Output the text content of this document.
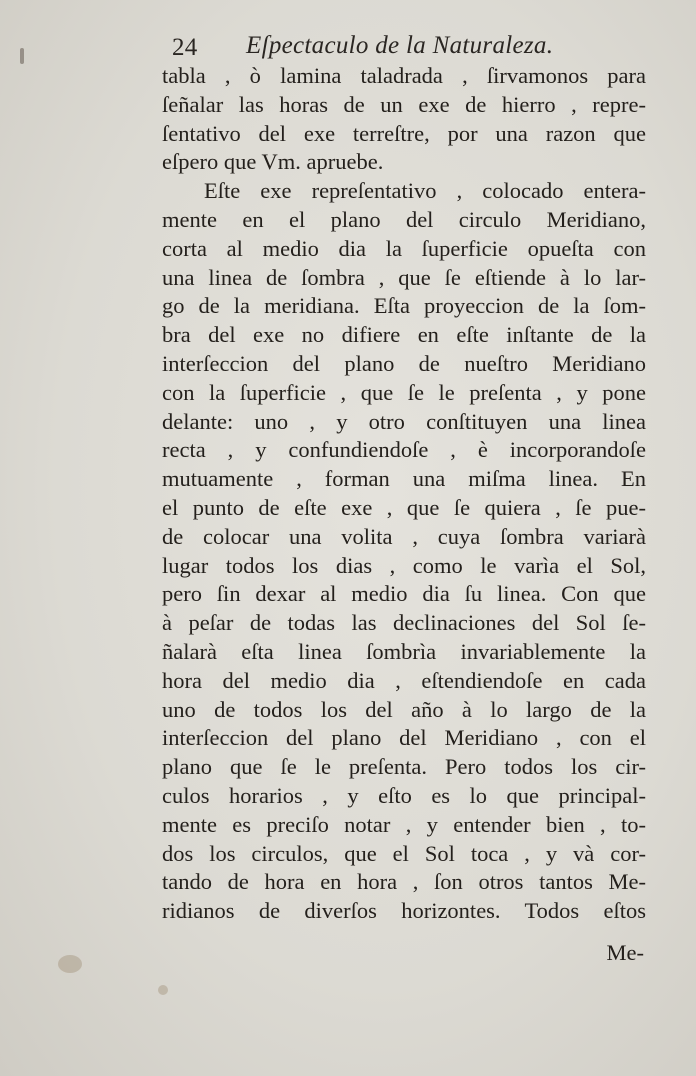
24 Eſpectaculo de la Naturaleza.
tabla , ò lamina taladrada , ſirvamonos para
ſeñalar las horas de un exe de hierro , repre-
ſentativo del exe terreſtre, por una razon que
eſpero que Vm. apruebe.
Eſte exe repreſentativo , colocado entera-
mente en el plano del circulo Meridiano,
corta al medio dia la ſuperficie opueſta con
una linea de ſombra , que ſe eſtiende à lo lar-
go de la meridiana. Eſta proyeccion de la ſom-
bra del exe no difiere en eſte inſtante de la
interſeccion del plano de nueſtro Meridiano
con la ſuperficie , que ſe le preſenta , y pone
delante: uno , y otro conſtituyen una linea
recta , y confundiendoſe , è incorporandoſe
mutuamente , forman una miſma linea. En
el punto de eſte exe , que ſe quiera , ſe pue-
de colocar una volita , cuya ſombra variarà
lugar todos los dias , como le varìa el Sol,
pero ſin dexar al medio dia ſu linea. Con que
à peſar de todas las declinaciones del Sol ſe-
ñalarà eſta linea ſombrìa invariablemente la
hora del medio dia , eſtendiendoſe en cada
uno de todos los del año à lo largo de la
interſeccion del plano del Meridiano , con el
plano que ſe le preſenta. Pero todos los cir-
culos horarios , y eſto es lo que principal-
mente es preciſo notar , y entender bien , to-
dos los circulos, que el Sol toca , y và cor-
tando de hora en hora , ſon otros tantos Me-
ridianos de diverſos horizontes. Todos eſtos
Me-
